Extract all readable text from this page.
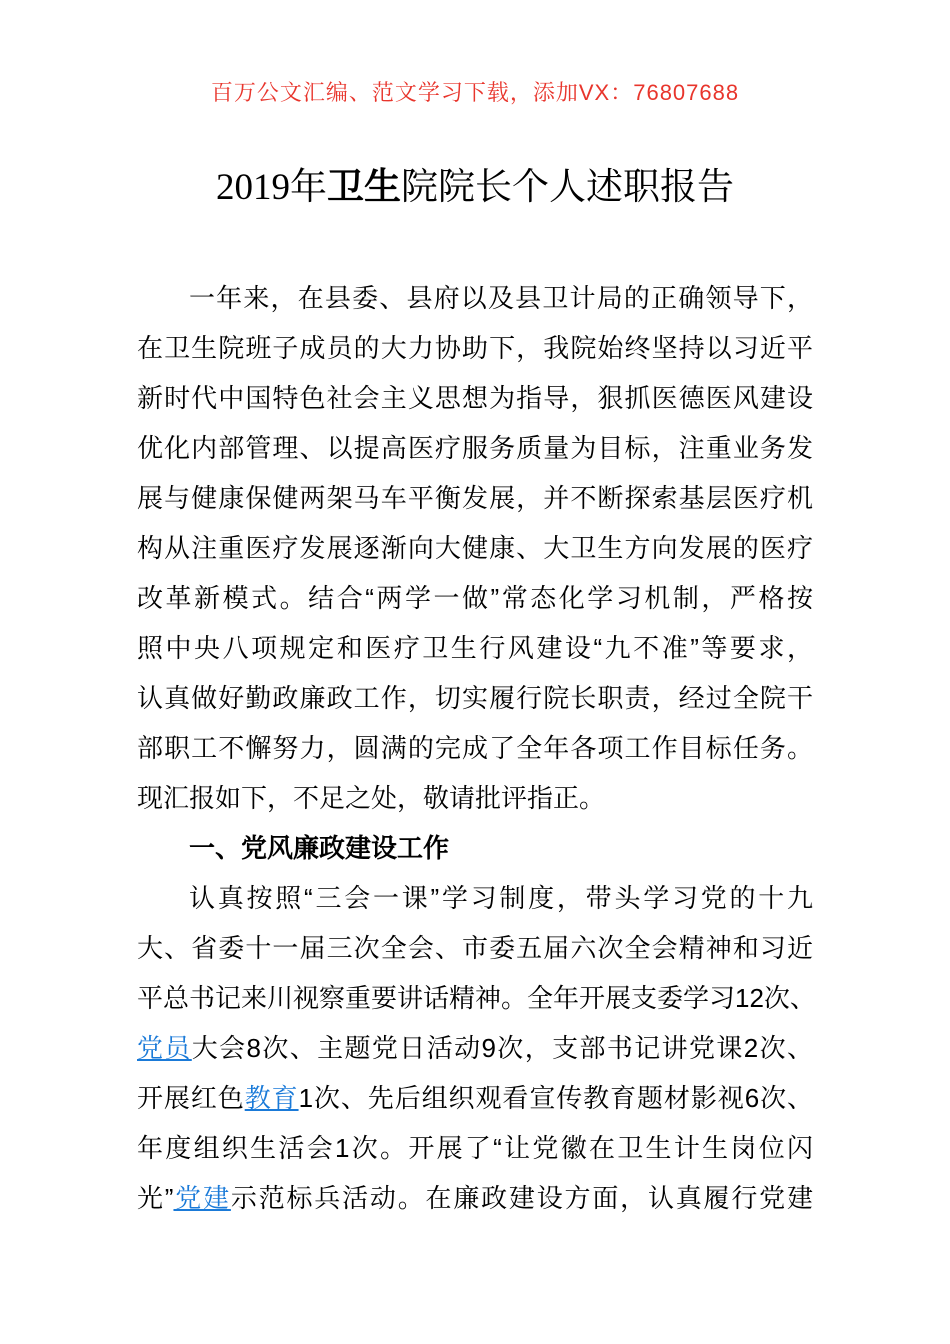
百万公文汇编、范文学习下载，添加VX：76807688
2019年卫生院院长个人述职报告
一年来，在县委、县府以及县卫计局的正确领导下，
在卫生院班子成员的大力协助下，我院始终坚持以习近平
新时代中国特色社会主义思想为指导，狠抓医德医风建设
优化内部管理、以提高医疗服务质量为目标，注重业务发
展与健康保健两架马车平衡发展，并不断探索基层医疗机
构从注重医疗发展逐渐向大健康、大卫生方向发展的医疗
改革新模式。结合“两学一做”常态化学习机制，严格按
照中央八项规定和医疗卫生行风建设“九不准”等要求，
认真做好勤政廉政工作，切实履行院长职责，经过全院干
部职工不懈努力，圆满的完成了全年各项工作目标任务。
现汇报如下，不足之处，敬请批评指正。
一、党风廉政建设工作
认真按照“三会一课”学习制度，带头学习党的十九
大、省委十一届三次全会、市委五届六次全会精神和习近
平总书记来川视察重要讲话精神。全年开展支委学习12次、
党员大会8次、主题党日活动9次，支部书记讲党课2次、
开展红色教育1次、先后组织观看宣传教育题材影视6次、
年度组织生活会1次。开展了“让党徽在卫生计生岗位闪
光”党建示范标兵活动。在廉政建设方面，认真履行党建
